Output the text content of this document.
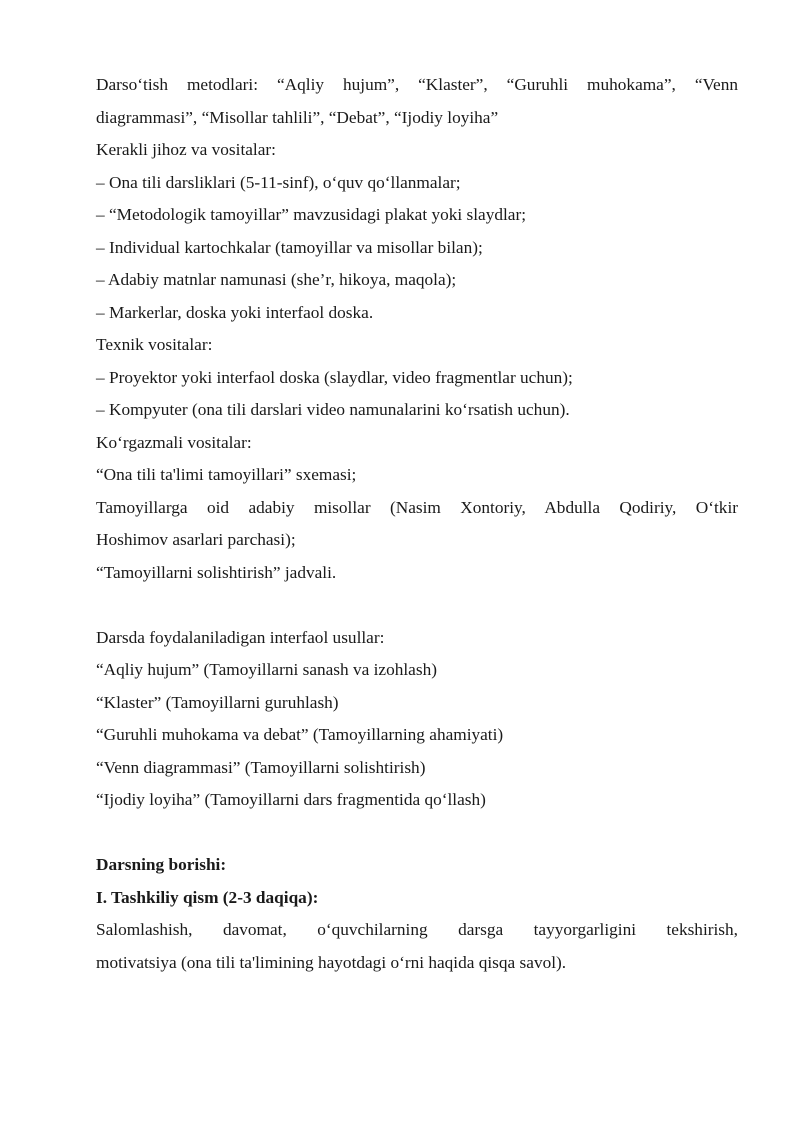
Darso‘tish metodlari: “Aqliy hujum”, “Klaster”, “Guruhli muhokama”, “Venn
diagrammasi”, “Misollar tahlili”, “Debat”, “Ijodiy loyiha”
Kerakli jihoz va vositalar:
– Ona tili darsliklari (5-11-sinf), o‘quv qo‘llanmalar;
– “Metodologik tamoyillar” mavzusidagi plakat yoki slaydlar;
– Individual kartochkalar (tamoyillar va misollar bilan);
– Adabiy matnlar namunasi (she’r, hikoya, maqola);
– Markerlar, doska yoki interfaol doska.
Texnik vositalar:
– Proyektor yoki interfaol doska (slaydlar, video fragmentlar uchun);
– Kompyuter (ona tili darslari video namunalarini ko‘rsatish uchun).
Ko‘rgazmali vositalar:
“Ona tili ta'limi tamoyillari” sxemasi;
Tamoyillarga oid adabiy misollar (Nasim Xontoriy, Abdulla Qodiriy, O‘tkir
Hoshimov asarlari parchasi);
“Tamoyillarni solishtirish” jadvali.
Darsda foydalaniladigan interfaol usullar:
“Aqliy hujum” (Tamoyillarni sanash va izohlash)
“Klaster” (Tamoyillarni guruhlash)
“Guruhli muhokama va debat” (Tamoyillarning ahamiyati)
“Venn diagrammasi” (Tamoyillarni solishtirish)
“Ijodiy loyiha” (Tamoyillarni dars fragmentida qo‘llash)
Darsning borishi:
I. Tashkiliy qism (2-3 daqiqa):
Salomlashish, davomat, o‘quvchilarning darsga tayyorgarligini tekshirish,
motivatsiya (ona tili ta'limining hayotdagi o‘rni haqida qisqa savol).
